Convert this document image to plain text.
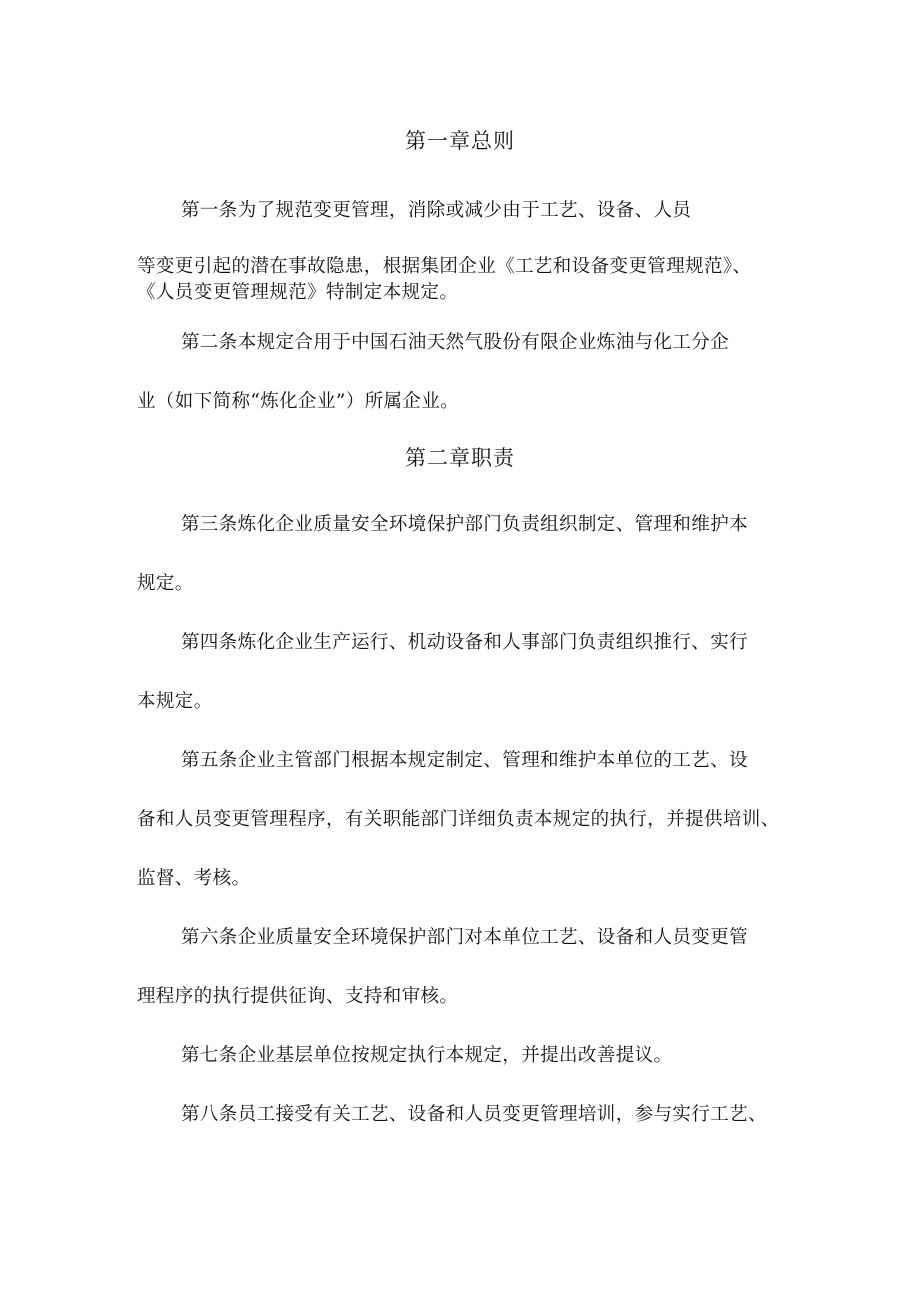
第一章总则
第一条为了规范变更管理，消除或减少由于工艺、设备、人员
等变更引起的潜在事故隐患，根据集团企业《工艺和设备变更管理规范》、
《人员变更管理规范》特制定本规定。
第二条本规定合用于中国石油天然气股份有限企业炼油与化工分企
业（如下简称“炼化企业”）所属企业。
第二章职责
第三条炼化企业质量安全环境保护部门负责组织制定、管理和维护本
规定。
第四条炼化企业生产运行、机动设备和人事部门负责组织推行、实行
本规定。
第五条企业主管部门根据本规定制定、管理和维护本单位的工艺、设
备和人员变更管理程序，有关职能部门详细负责本规定的执行，并提供培训、
监督、考核。
第六条企业质量安全环境保护部门对本单位工艺、设备和人员变更管
理程序的执行提供征询、支持和审核。
第七条企业基层单位按规定执行本规定，并提出改善提议。
第八条员工接受有关工艺、设备和人员变更管理培训，参与实行工艺、
